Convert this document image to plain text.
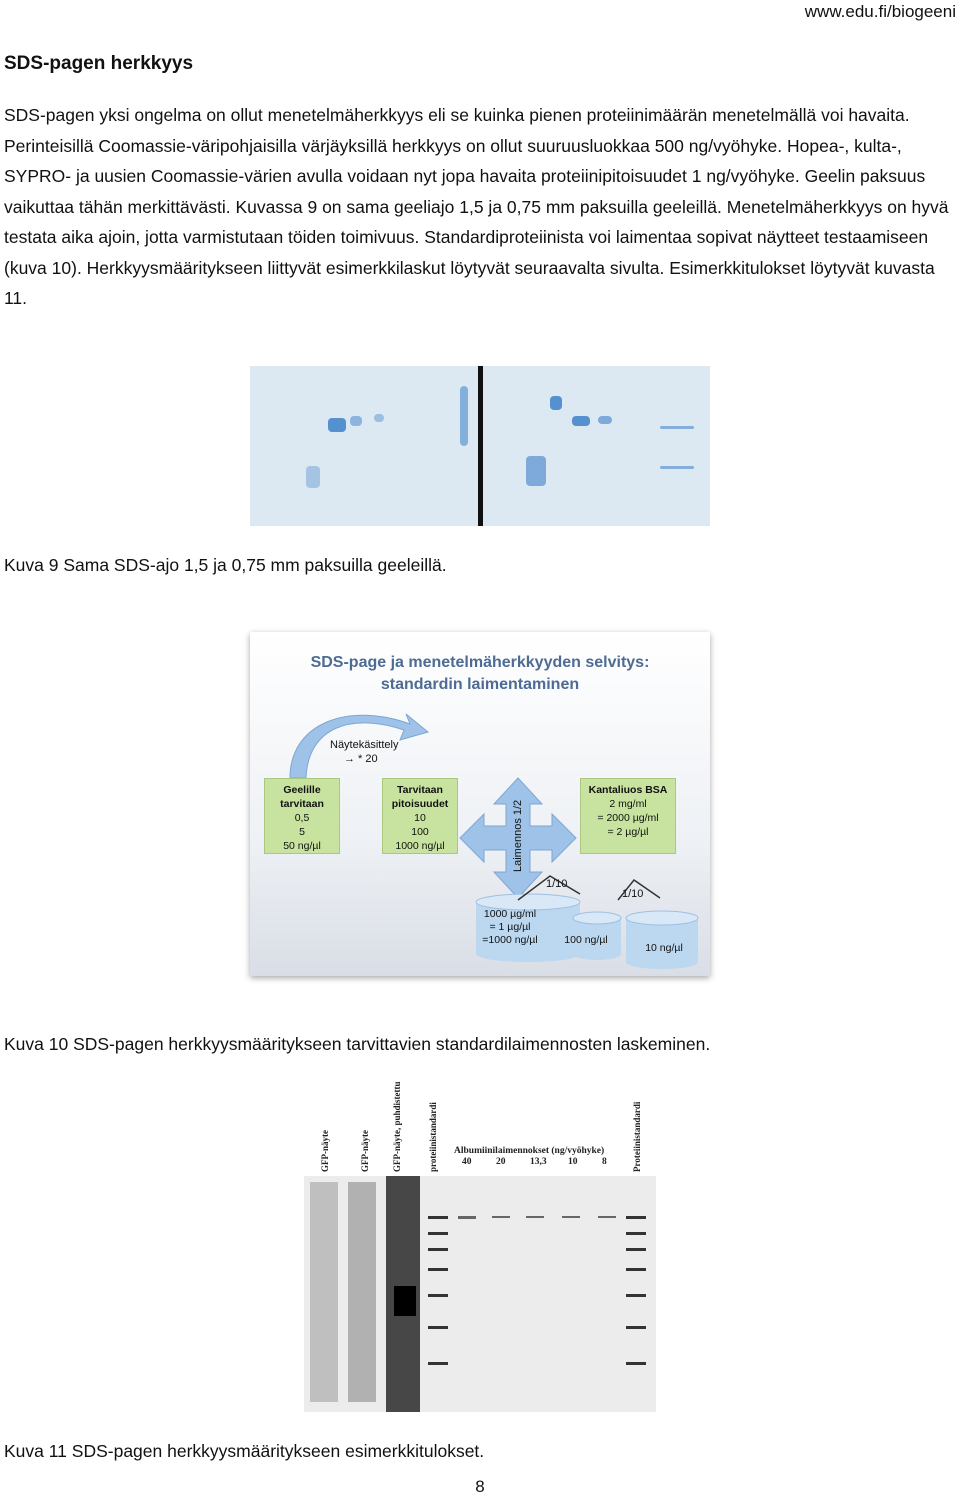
www.edu.fi/biogeeni
SDS-pagen herkkyys

SDS-pagen yksi ongelma on ollut menetelmäherkkyys eli se kuinka pienen proteiinimäärän menetelmällä voi havaita. Perinteisillä Coomassie-väripohjaisilla värjäyksillä herkkyys on ollut suuruusluokkaa 500 ng/vyöhyke. Hopea-, kulta-, SYPRO- ja uusien Coomassie-värien avulla voidaan nyt jopa havaita proteiinipitoisuudet 1 ng/vyöhyke. Geelin paksuus vaikuttaa tähän merkittävästi. Kuvassa 9 on sama geeliajo 1,5 ja 0,75 mm paksuilla geeleillä. Menetelmäherkkyys on hyvä testata aika ajoin, jotta varmistutaan töiden toimivuus. Standardiproteiinista voi laimentaa sopivat näytteet testaamiseen (kuva 10). Herkkyysmääritykseen liittyvät esimerkkilaskut löytyvät seuraavalta sivulta. Esimerkkitulokset löytyvät kuvasta 11.

Kuva 9 Sama SDS-ajo 1,5 ja 0,75 mm paksuilla geeleillä.
SDS-page ja menetelmäherkkyyden selvitys:
standardin laimentaminen
Näytekäsittely
→ * 20
Geelille
tarvitaan
0,5
5
50 ng/µl
Tarvitaan
pitoisuudet
10
100
1000 ng/µl
Kantaliuos BSA
2 mg/ml
= 2000 µg/ml
= 2 µg/µl
Laimennos 1/2
1/10
1/10
1000 µg/ml
= 1 µg/µl
=1000 ng/µl	100 ng/µl
10 ng/µl
Kuva 10 SDS-pagen herkkyysmääritykseen tarvittavien standardilaimennosten laskeminen.
GFP-näyte	GFP-näyte GFP-näyte, puhdistettu	proteiinistandardi	Proteiinistandardi
Albumiinilaimennokset (ng/vyöhyke)
40	20	13,3 10	8
Kuva 11 SDS-pagen herkkyysmääritykseen esimerkkitulokset.
8
